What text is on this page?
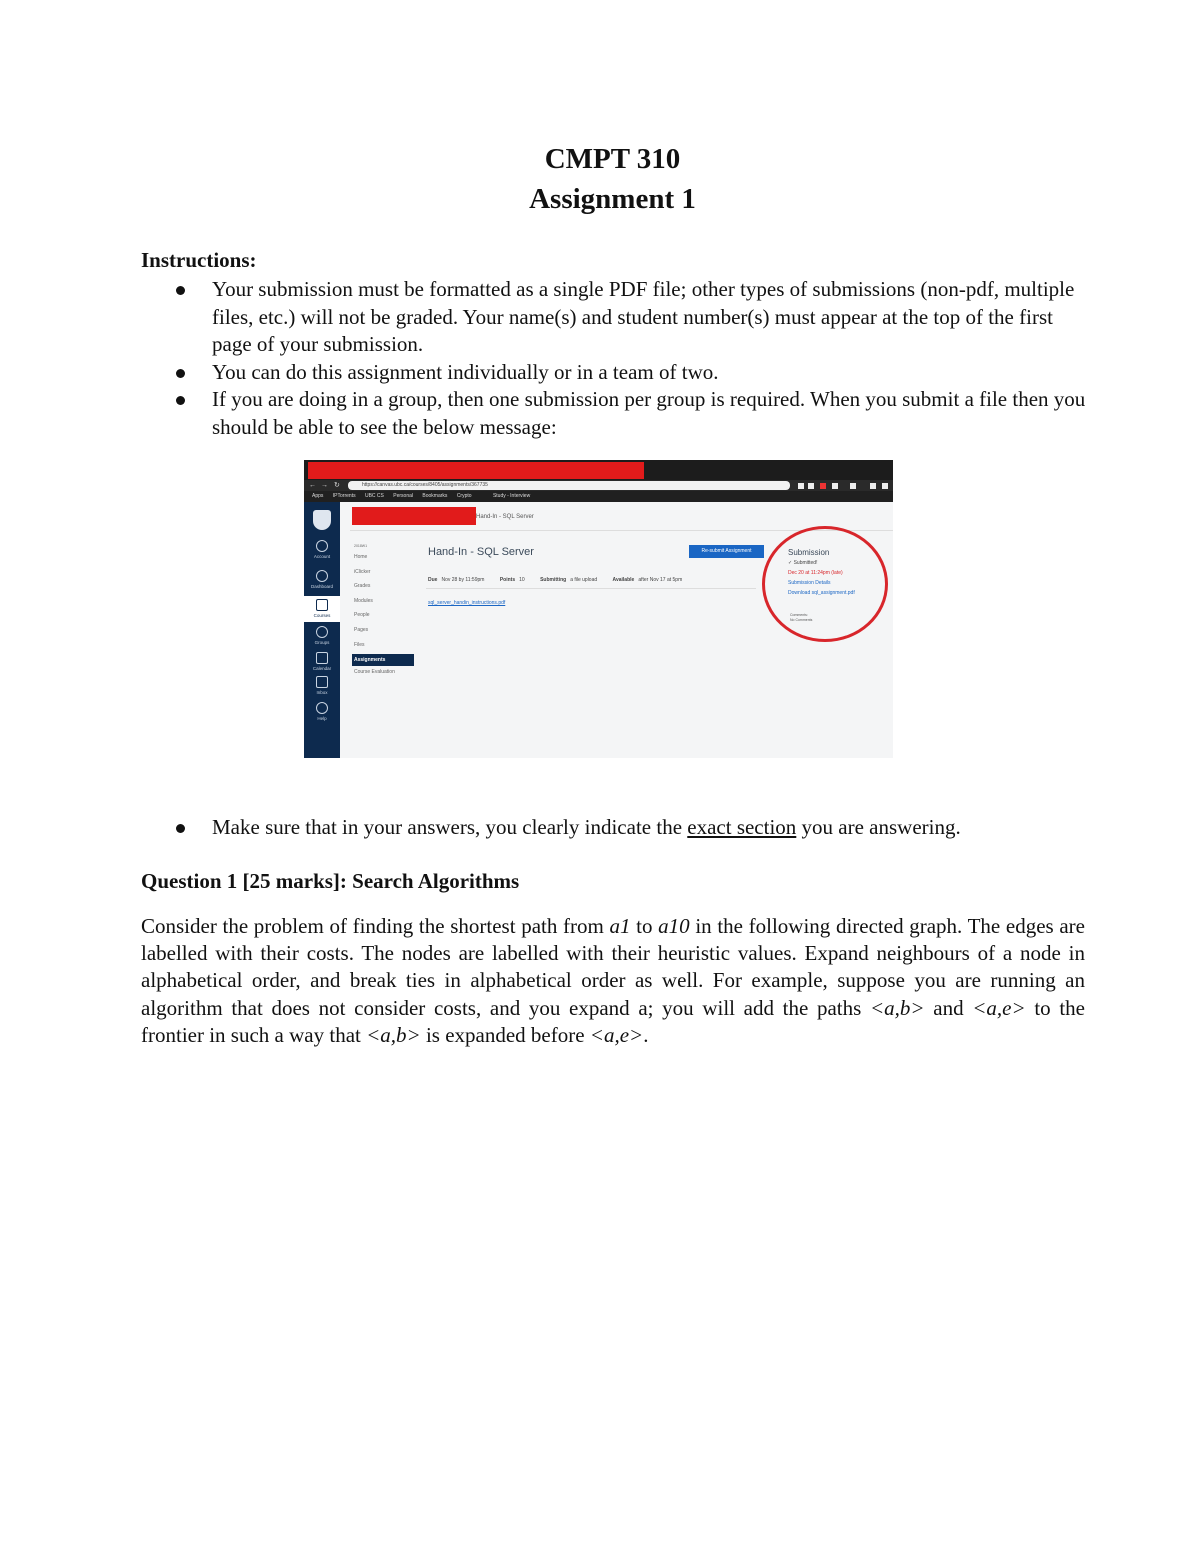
CMPT 310
Assignment 1
Instructions:
Your submission must be formatted as a single PDF file; other types of submissions (non-pdf, multiple files, etc.) will not be graded. Your name(s) and student number(s) must appear at the top of the first page of your submission.
You can do this assignment individually or in a team of two.
If you are doing in a group, then one submission per group is required. When you submit a file then you should be able to see the below message:
← → ↻	https://canvas.ubc.ca/courses/8405/assignments/367735
Apps IPTorrents UBC CS Personal Bookmarks Crypto	Study - Interview
Account
Dashboard
Courses
Groups
Calendar
Inbox
Help
Hand-In - SQL Server
2018W1
Home
iClicker
Grades
Modules
People
Pages
Files
Assignments
Course Evaluation
Hand-In - SQL Server	Re-submit Assignment
Due Nov 28 by 11:59pm	Points 10	Submitting a file upload	Available after Nov 17 at 5pm
sql_server_handin_instructions.pdf
Submission
✓ Submitted!
Dec 20 at 11:24pm (late)
Submission Details
Download sql_assignment.pdf
Comments:
No Comments
Make sure that in your answers, you clearly indicate the exact section you are answering.
Question 1 [25 marks]: Search Algorithms
Consider the problem of finding the shortest path from a1 to a10 in the following directed graph. The edges are labelled with their costs. The nodes are labelled with their heuristic values. Expand neighbours of a node in alphabetical order, and break ties in alphabetical order as well. For example, suppose you are running an algorithm that does not consider costs, and you expand a; you will add the paths <a,b> and <a,e> to the frontier in such a way that <a,b> is expanded before <a,e>.
